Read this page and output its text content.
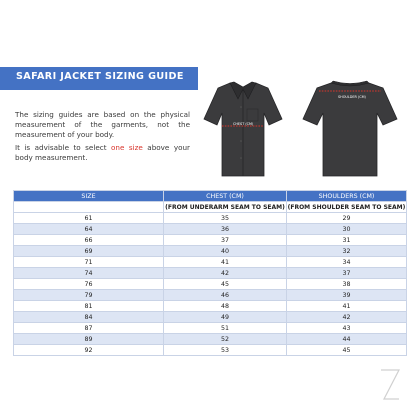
SAFARI JACKET SIZING GUIDE

The sizing guides are based on the physical measurement of the garments, not the measurement of your body.

It is advisable to select one size above your body measurement.

CHEST (CM)
SHOULDER (CM)
SIZE	CHEST (CM)	SHOULDERS (CM)
	(FROM UNDERARM SEAM TO SEAM)	(FROM SHOULDER SEAM TO SEAM)
61	35	29
64	36	30
66	37	31
69	40	32
71	41	34
74	42	37
76	45	38
79	46	39
81	48	41
84	49	42
87	51	43
89	52	44
92	53	45
